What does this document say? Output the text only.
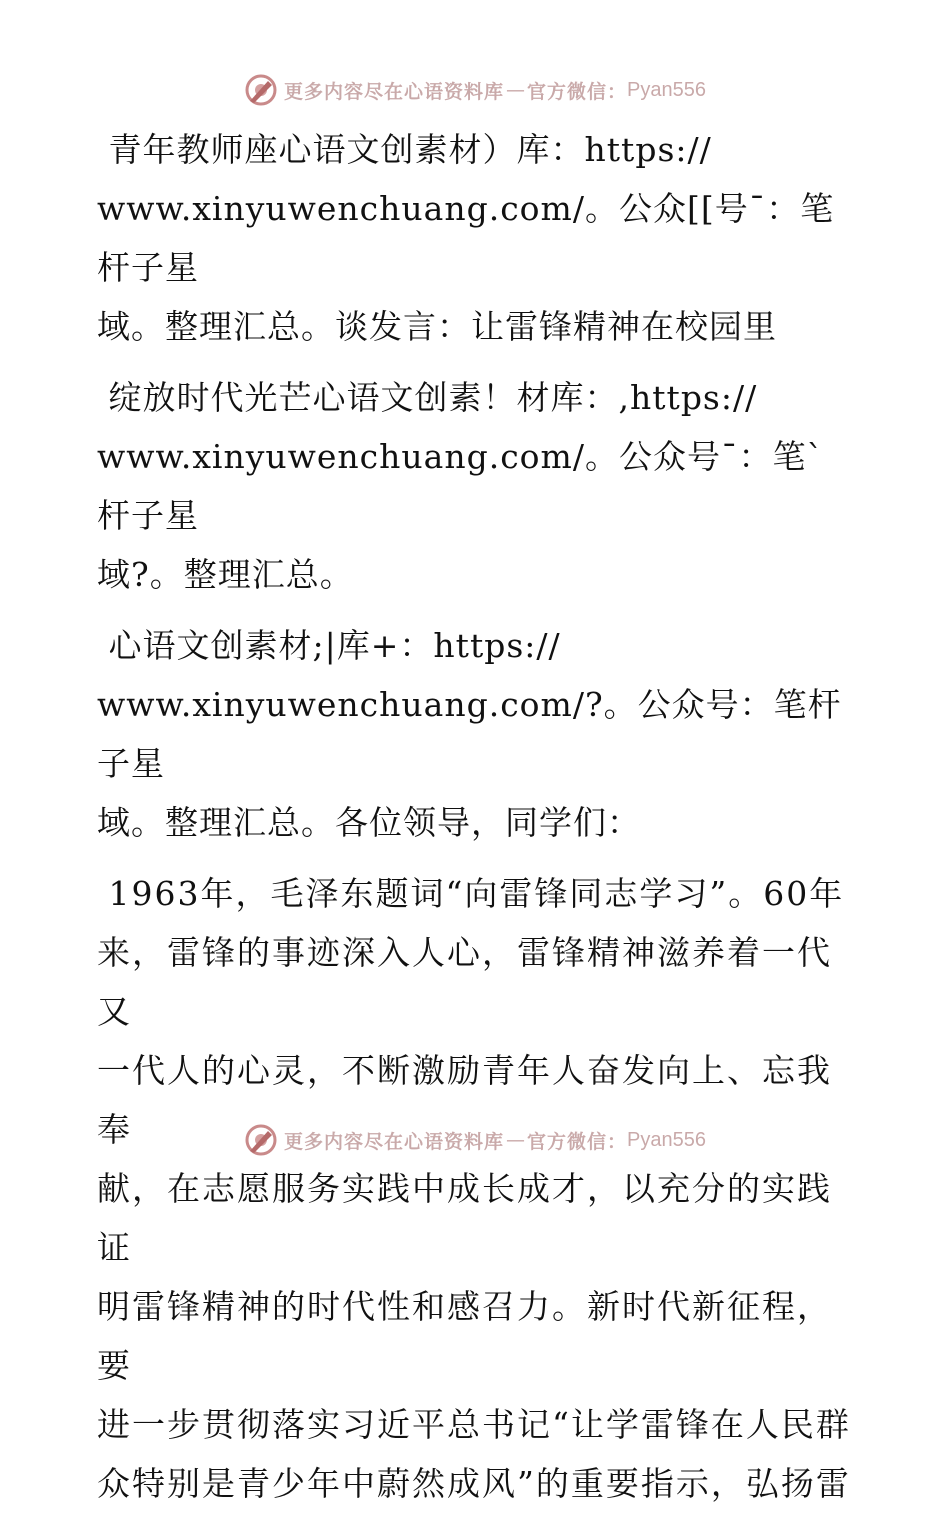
更多内容尽在心语资料库 — 官方微信： Pyan556

青年教师座心语文创素材）库：https://
www.xinyuwenchuang.com/。公众[[号¯：笔杆子星
域。整理汇总。谈发言：让雷锋精神在校园里

绽放时代光芒心语文创素！材库：,https://
www.xinyuwenchuang.com/。公众号¯：笔`杆子星
域?。整理汇总。

心语文创素材;|库+：https://
www.xinyuwenchuang.com/?。公众号：笔杆子星
域。整理汇总。各位领导，同学们：

1963年，毛泽东题词“向雷锋同志学习”。60年
来，雷锋的事迹深入人心，雷锋精神滋养着一代又
一代人的心灵，不断激励青年人奋发向上、忘我奉
献，在志愿服务实践中成长成才，以充分的实践证
明雷锋精神的时代性和感召力。新时代新征程，要
进一步贯彻落实习近平总书记“让学雷锋在人民群
众特别是青少年中蔚然成风”的重要指示，弘扬雷

更多内容尽在心语资料库 — 官方微信： Pyan556
